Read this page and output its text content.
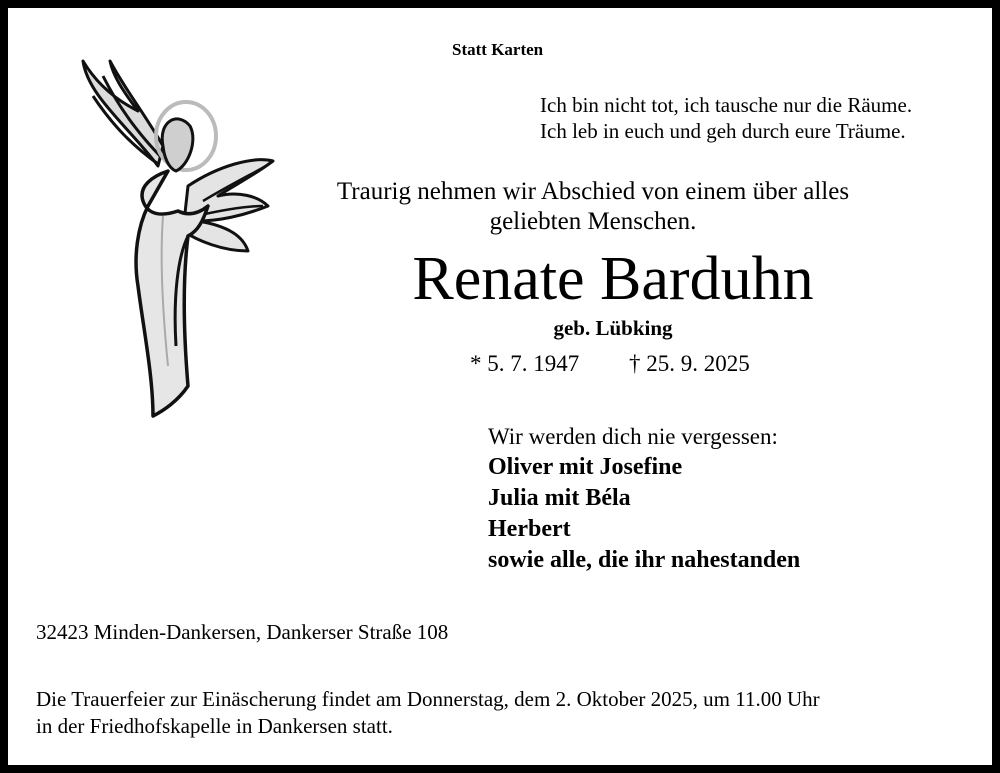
Statt Karten
Ich bin nicht tot, ich tausche nur die Räume.
Ich leb in euch und geh durch eure Träume.
Traurig nehmen wir Abschied von einem über alles
geliebten Menschen.
Renate Barduhn
geb. Lübking
* 5. 7. 1947 † 25. 9. 2025
Wir werden dich nie vergessen:
Oliver mit Josefine
Julia mit Béla
Herbert
sowie alle, die ihr nahestanden
32423 Minden-Dankersen, Dankerser Straße 108
Die Trauerfeier zur Einäscherung findet am Donnerstag, dem 2. Oktober 2025, um 11.00 Uhr
in der Friedhofskapelle in Dankersen statt.
